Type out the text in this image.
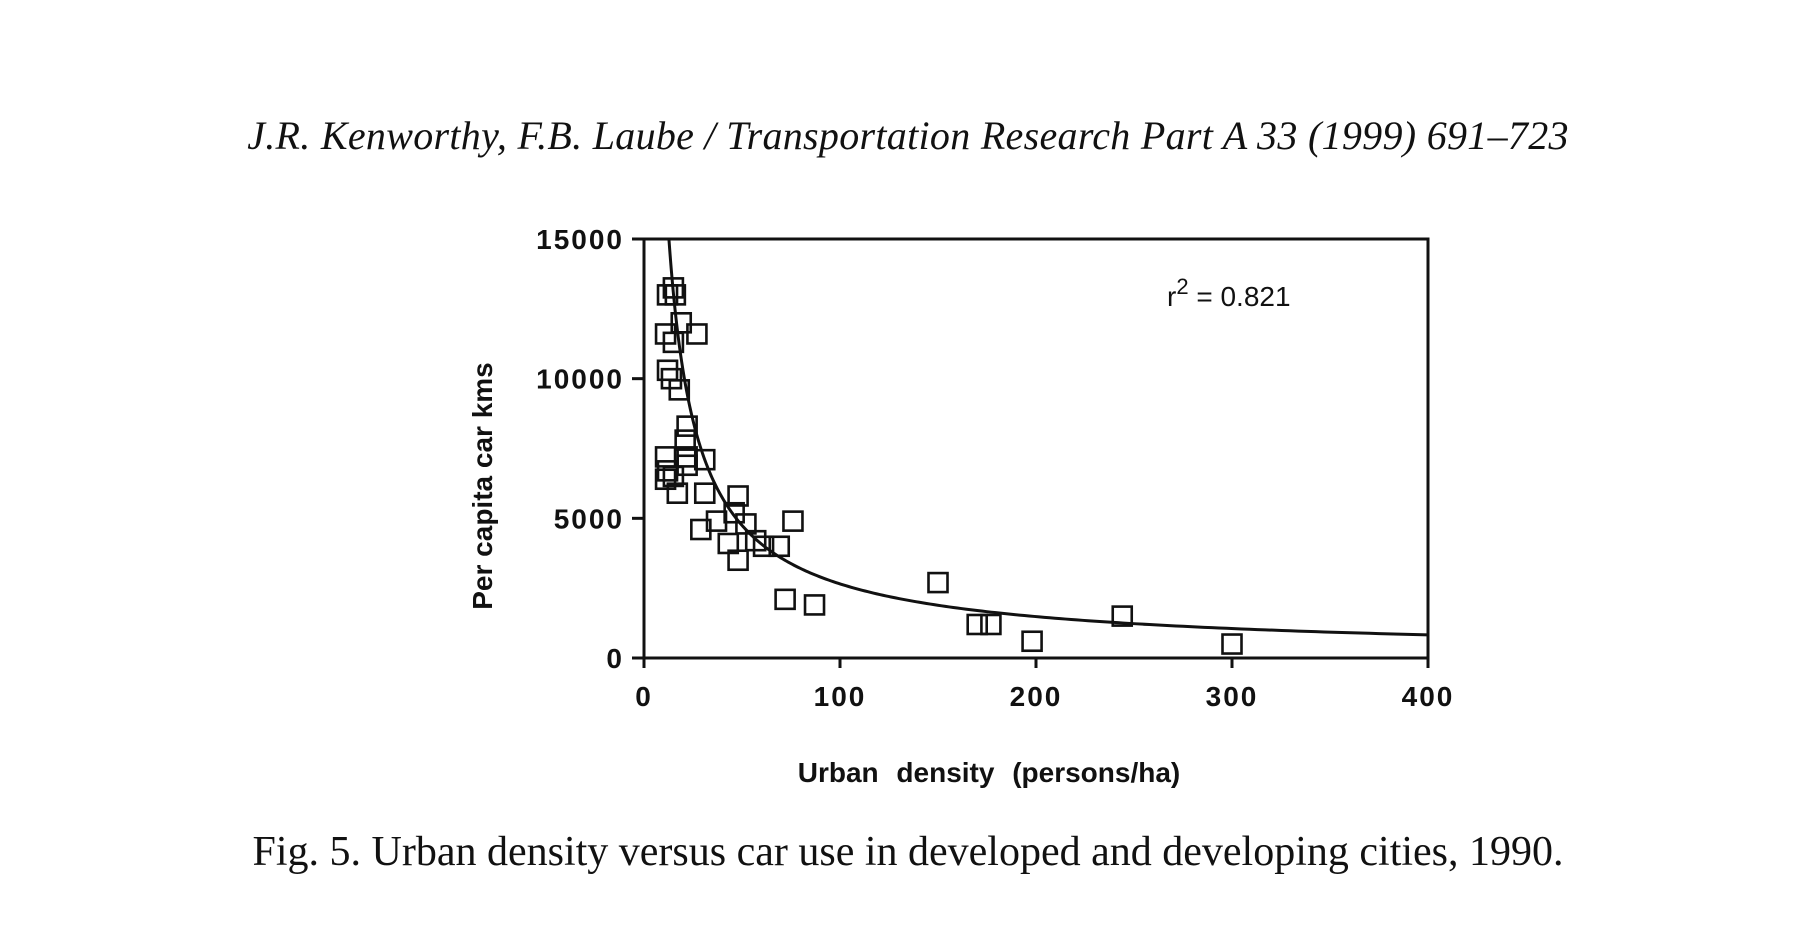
J.R. Kenworthy, F.B. Laube / Transportation Research Part A 33 (1999) 691–723
0	100	200	300	400
0
5000
10000
15000
Urban density (persons/ha)
Per capita car kms
$r^2 = 0.821$
Fig. 5. Urban density versus car use in developed and developing cities, 1990.
